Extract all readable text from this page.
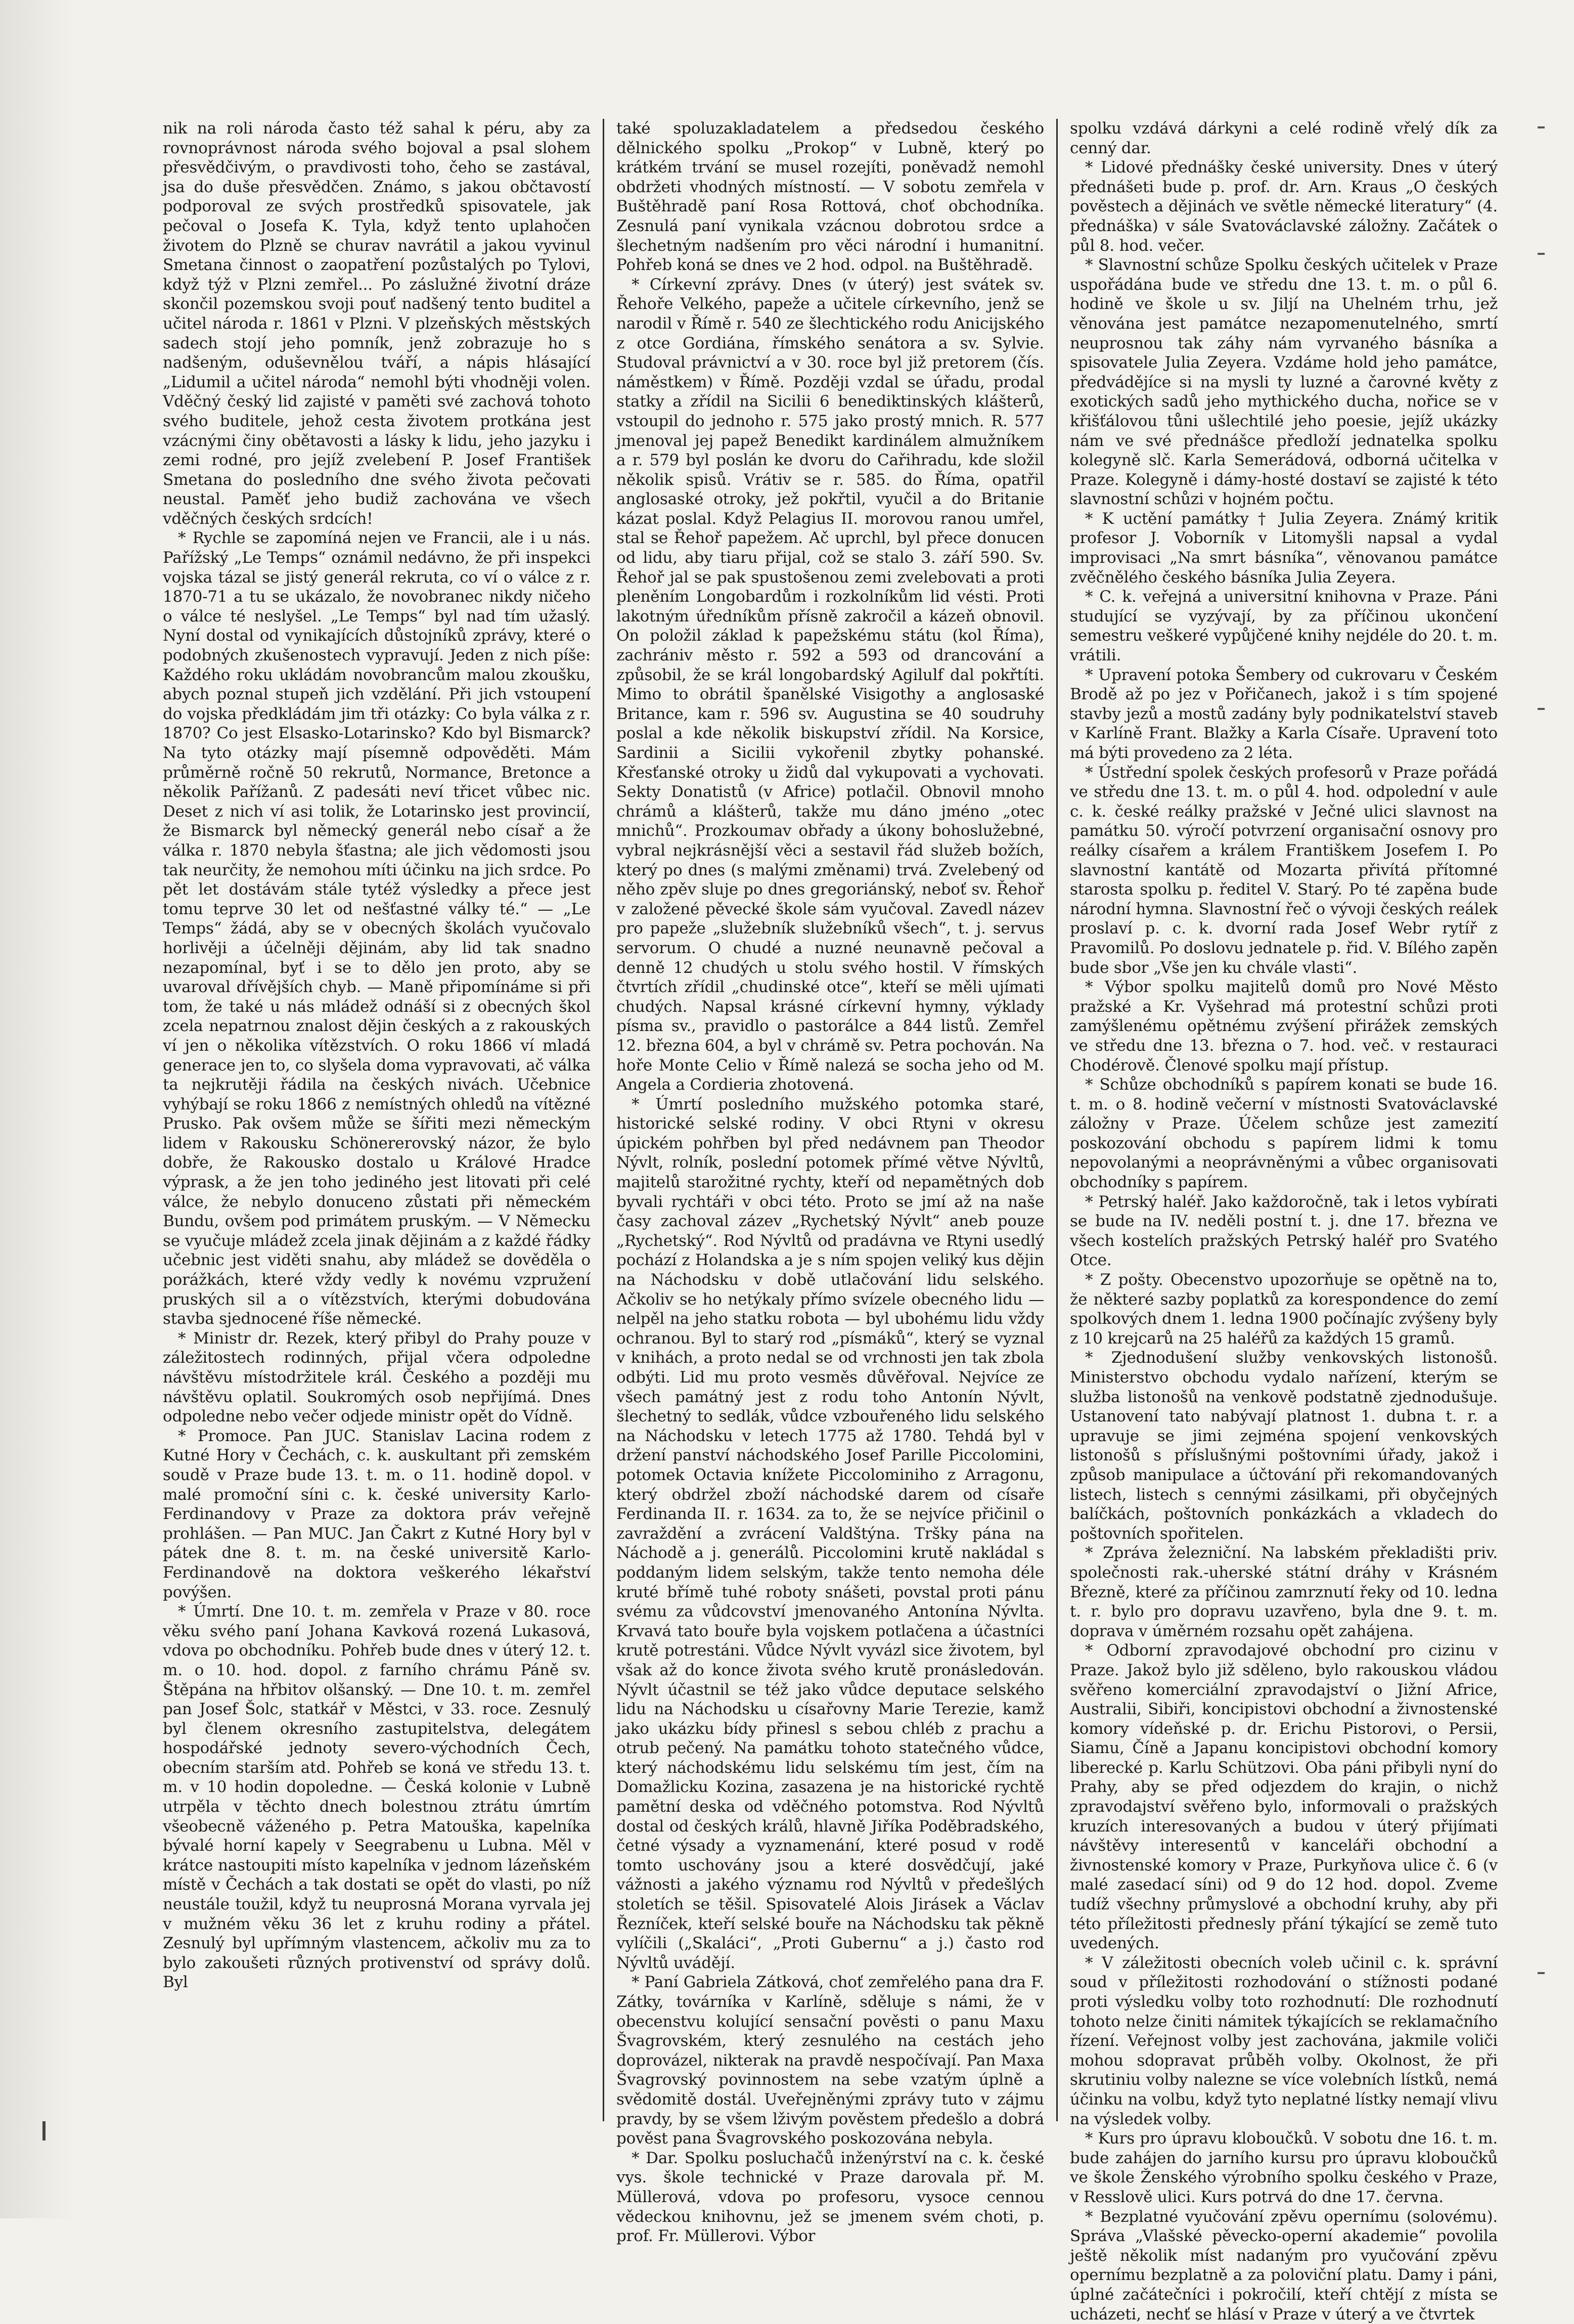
nik na roli národa často též sahal k péru, aby za rovnoprávnost národa svého bojoval a psal slohem přesvědčivým, o pravdivosti toho, čeho se zastával, jsa do duše přesvědčen. Známo, s jakou občtavostí podporoval ze svých prostředků spisovatele, jak pečoval o Josefa K. Tyla, když tento uplahočen životem do Plzně se churav navrátil a jakou vyvinul Smetana činnost o zaopatření pozůstalých po Tylovi, když týž v Plzni zemřel... Po záslužné životní dráze skončil pozemskou svoji pouť nadšený tento buditel a učitel národa r. 1861 v Plzni. V plzeňských městských sadech stojí jeho pomník, jenž zobrazuje ho s nadšeným, oduševnělou tváří, a nápis hlásající „Lidumil a učitel národa“ nemohl býti vhodněji volen. Vděčný český lid zajisté v paměti své zachová tohoto svého buditele, jehož cesta životem protkána jest vzácnými činy obětavosti a lásky k lidu, jeho jazyku i zemi rodné, pro jejíž zvelebení P. Josef František Smetana do posledního dne svého života pečovati neustal. Paměť jeho budiž zachována ve všech vděčných českých srdcích!

* Rychle se zapomíná nejen ve Francii, ale i u nás. Pařížský „Le Temps“ oznámil nedávno, že při inspekci vojska tázal se jistý generál rekruta, co ví o válce z r. 1870-71 a tu se ukázalo, že novobranec nikdy ničeho o válce té neslyšel. „Le Temps“ byl nad tím užaslý. Nyní dostal od vynikajících důstojníků zprávy, které o podobných zkušenostech vypravují. Jeden z nich píše: Každého roku ukládám novobrancům malou zkoušku, abych poznal stupeň jich vzdělání. Při jich vstoupení do vojska předkládám jim tři otázky: Co byla válka z r. 1870? Co jest Elsasko-Lotarinsko? Kdo byl Bismarck? Na tyto otázky mají písemně odpověděti. Mám průměrně ročně 50 rekrutů, Normance, Bretonce a několik Pařížanů. Z padesáti neví třicet vůbec nic. Deset z nich ví asi tolik, že Lotarinsko jest provincií, že Bismarck byl německý generál nebo císař a že válka r. 1870 nebyla šťastna; ale jich vědomosti jsou tak neurčity, že nemohou míti účinku na jich srdce. Po pět let dostávám stále tytéž výsledky a přece jest tomu teprve 30 let od nešťastné války té.“ — „Le Temps“ žádá, aby se v obecných školách vyučovalo horlivěji a účelněji dějinám, aby lid tak snadno nezapomínal, byť i se to dělo jen proto, aby se uvaroval dřívějších chyb. — Maně připomínáme si při tom, že také u nás mládež odnáší si z obecných škol zcela nepatrnou znalost dějin českých a z rakouských ví jen o několika vítězstvích. O roku 1866 ví mladá generace jen to, co slyšela doma vypravovati, ač válka ta nejkrutěji řádila na českých nivách. Učebnice vyhýbají se roku 1866 z nemístných ohledů na vítězné Prusko. Pak ovšem může se šířiti mezi německým lidem v Rakousku Schönererovský názor, že bylo dobře, že Rakousko dostalo u Králové Hradce výprask, a že jen toho jediného jest litovati při celé válce, že nebylo donuceno zůstati při německém Bundu, ovšem pod primátem pruským. — V Německu se vyučuje mládež zcela jinak dějinám a z každé řádky učebnic jest viděti snahu, aby mládež se dověděla o porážkách, které vždy vedly k novému vzpružení pruských sil a o vítězstvích, kterými dobudována stavba sjednocené říše německé.

* Ministr dr. Rezek, který přibyl do Prahy pouze v záležitostech rodinných, přijal včera odpoledne návštěvu místodržitele král. Českého a později mu návštěvu oplatil. Soukromých osob nepřijímá. Dnes odpoledne nebo večer odjede ministr opět do Vídně.

* Promoce. Pan JUC. Stanislav Lacina rodem z Kutné Hory v Čechách, c. k. auskultant při zemském soudě v Praze bude 13. t. m. o 11. hodině dopol. v malé promoční síni c. k. české university Karlo-Ferdinandovy v Praze za doktora práv veřejně prohlášen. — Pan MUC. Jan Čakrt z Kutné Hory byl v pátek dne 8. t. m. na české universitě Karlo-Ferdinandově na doktora veškerého lékařství povýšen.

* Úmrtí. Dne 10. t. m. zemřela v Praze v 80. roce věku svého paní Johana Kavková rozená Lukasová, vdova po obchodníku. Pohřeb bude dnes v úterý 12. t. m. o 10. hod. dopol. z farního chrámu Páně sv. Štěpána na hřbitov olšanský. — Dne 10. t. m. zemřel pan Josef Šolc, statkář v Městci, v 33. roce. Zesnulý byl členem okresního zastupitelstva, delegátem hospodářské jednoty severo-východních Čech, obecním starším atd. Pohřeb se koná ve středu 13. t. m. v 10 hodin dopoledne. — Česká kolonie v Lubně utrpěla v těchto dnech bolestnou ztrátu úmrtím všeobecně váženého p. Petra Matouška, kapelníka bývalé horní kapely v Seegrabenu u Lubna. Měl v krátce nastoupiti místo kapelníka v jednom lázeňském místě v Čechách a tak dostati se opět do vlasti, po níž neustále toužil, když tu neuprosná Morana vyrvala jej v mužném věku 36 let z kruhu rodiny a přátel. Zesnulý byl upřímným vlastencem, ačkoliv mu za to bylo zakoušeti různých protivenství od správy dolů. Byl

také spoluzakladatelem a předsedou českého dělnického spolku „Prokop“ v Lubně, který po krátkém trvání se musel rozejíti, poněvadž nemohl obdržeti vhodných místností. — V sobotu zemřela v Buštěhradě paní Rosa Rottová, choť obchodníka. Zesnulá paní vynikala vzácnou dobrotou srdce a šlechetným nadšením pro věci národní i humanitní. Pohřeb koná se dnes ve 2 hod. odpol. na Buštěhradě.

* Církevní zprávy. Dnes (v úterý) jest svátek sv. Řehoře Velkého, papeže a učitele církevního, jenž se narodil v Římě r. 540 ze šlechtického rodu Anicijského z otce Gordiána, římského senátora a sv. Sylvie. Studoval právnictví a v 30. roce byl již pretorem (čís. náměstkem) v Římě. Později vzdal se úřadu, prodal statky a zřídil na Sicilii 6 benediktinských klášterů, vstoupil do jednoho r. 575 jako prostý mnich. R. 577 jmenoval jej papež Benedikt kardinálem almužníkem a r. 579 byl poslán ke dvoru do Cařihradu, kde složil několik spisů. Vrátiv se r. 585. do Říma, opatřil anglosaské otroky, jež pokřtil, vyučil a do Britanie kázat poslal. Když Pelagius II. morovou ranou umřel, stal se Řehoř papežem. Ač uprchl, byl přece donucen od lidu, aby tiaru přijal, což se stalo 3. září 590. Sv. Řehoř jal se pak spustošenou zemi zvelebovati a proti pleněním Longobardům i rozkolníkům lid vésti. Proti lakotným úředníkům přísně zakročil a kázeň obnovil. On položil základ k papežskému státu (kol Říma), zachrániv město r. 592 a 593 od drancování a způsobil, že se král longobardský Agilulf dal pokřtíti. Mimo to obrátil španělské Visigothy a anglosaské Britance, kam r. 596 sv. Augustina se 40 soudruhy poslal a kde několik biskupství zřídil. Na Korsice, Sardinii a Sicilii vykořenil zbytky pohanské. Křesťanské otroky u židů dal vykupovati a vychovati. Sekty Donatistů (v Africe) potlačil. Obnovil mnoho chrámů a klášterů, takže mu dáno jméno „otec mnichů“. Prozkoumav obřady a úkony bohoslužebné, vybral nejkrásnější věci a sestavil řád služeb božích, který po dnes (s malými změnami) trvá. Zvelebený od něho zpěv sluje po dnes gregoriánský, neboť sv. Řehoř v založené pěvecké škole sám vyučoval. Zavedl název pro papeže „služebník služebníků všech“, t. j. servus servorum. O chudé a nuzné neunavně pečoval a denně 12 chudých u stolu svého hostil. V římských čtvrtích zřídil „chudinské otce“, kteří se měli ujímati chudých. Napsal krásné církevní hymny, výklady písma sv., pravidlo o pastorálce a 844 listů. Zemřel 12. března 604, a byl v chrámě sv. Petra pochován. Na hoře Monte Celio v Římě nalezá se socha jeho od M. Angela a Cordieria zhotovená.

* Úmrtí posledního mužského potomka staré, historické selské rodiny. V obci Rtyni v okresu úpickém pohřben byl před nedávnem pan Theodor Nývlt, rolník, poslední potomek přímé větve Nývltů, majitelů starožitné rychty, kteří od nepamětných dob byvali rychtáři v obci této. Proto se jmí až na naše časy zachoval zázev „Rychetský Nývlt“ aneb pouze „Rychetský“. Rod Nývltů od pradávna ve Rtyni usedlý pochází z Holandska a je s ním spojen veliký kus dějin na Náchodsku v době utlačování lidu selského. Ačkoliv se ho netýkaly přímo svízele obecného lidu — nelpěl na jeho statku robota — byl ubohému lidu vždy ochranou. Byl to starý rod „písmáků“, který se vyznal v knihách, a proto nedal se od vrchnosti jen tak zbola odbýti. Lid mu proto vesměs důvěřoval. Nejvíce ze všech památný jest z rodu toho Antonín Nývlt, šlechetný to sedlák, vůdce vzbouřeného lidu selského na Náchodsku v letech 1775 až 1780. Tehdá byl v držení panství náchodského Josef Parille Piccolomini, potomek Octavia knížete Piccolominiho z Arragonu, který obdržel zboží náchodské darem od císaře Ferdinanda II. r. 1634. za to, že se nejvíce přičinil o zavraždění a zvrácení Valdštýna. Tršky pána na Náchodě a j. generálů. Piccolomini krutě nakládal s poddaným lidem selským, takže tento nemoha déle kruté břímě tuhé roboty snášeti, povstal proti pánu svému za vůdcovství jmenovaného Antonína Nývlta. Krvavá tato bouře byla vojskem potlačena a účastníci krutě potrestáni. Vůdce Nývlt vyvázl sice životem, byl však až do konce života svého krutě pronásledován. Nývlt účastnil se též jako vůdce deputace selského lidu na Náchodsku u císařovny Marie Terezie, kamž jako ukázku bídy přinesl s sebou chléb z prachu a otrub pečený. Na památku tohoto statečného vůdce, který náchodskému lidu selskému tím jest, čím na Domažlicku Kozina, zasazena je na historické rychtě pamětní deska od vděčného potomstva. Rod Nývltů dostal od českých králů, hlavně Jiříka Poděbradského, četné výsady a vyznamenání, které posud v rodě tomto uschovány jsou a které dosvědčují, jaké vážnosti a jakého významu rod Nývltů v předešlých stoletích se těšil. Spisovatelé Alois Jirásek a Václav Řezníček, kteří selské bouře na Náchodsku tak pěkně vylíčili („Skaláci“, „Proti Gubernu“ a j.) často rod Nývltů uvádějí.

* Paní Gabriela Zátková, choť zemřelého pana dra F. Zátky, továrníka v Karlíně, sděluje s námi, že v obecenstvu kolující sensační pověsti o panu Maxu Švagrovském, který zesnulého na cestách jeho doprovázel, nikterak na pravdě nespočívají. Pan Maxa Švagrovský povinnostem na sebe vzatým úplně a svědomitě dostál. Uveřejněnými zprávy tuto v zájmu pravdy, by se všem lživým pověstem předešlo a dobrá pověst pana Švagrovského poskozována nebyla.

* Dar. Spolku posluchačů inženýrství na c. k. české vys. škole technické v Praze darovala př. M. Müllerová, vdova po profesoru, vysoce cennou vědeckou knihovnu, jež se jmenem svém choti, p. prof. Fr. Müllerovi. Výbor

spolku vzdává dárkyni a celé rodině vřelý dík za cenný dar.

* Lidové přednášky české university. Dnes v úterý přednášeti bude p. prof. dr. Arn. Kraus „O českých pověstech a dějinách ve světle německé literatury“ (4. přednáška) v sále Svatováclavské záložny. Začátek o půl 8. hod. večer.

* Slavnostní schůze Spolku českých učitelek v Praze uspořádána bude ve středu dne 13. t. m. o půl 6. hodině ve škole u sv. Jiljí na Uhelném trhu, jež věnována jest památce nezapomenutelného, smrtí neuprosnou tak záhy nám vyrvaného básníka a spisovatele Julia Zeyera. Vzdáme hold jeho památce, předvádějíce si na mysli ty luzné a čarovné květy z exotických sadů jeho mythického ducha, nořice se v křišťálovou tůni ušlechtilé jeho poesie, jejíž ukázky nám ve své přednášce předloží jednatelka spolku kolegyně slč. Karla Semerádová, odborná učitelka v Praze. Kolegyně i dámy-hosté dostaví se zajisté k této slavnostní schůzi v hojném počtu.

* K uctění památky † Julia Zeyera. Známý kritik profesor J. Voborník v Litomyšli napsal a vydal improvisaci „Na smrt básníka“, věnovanou památce zvěčnělého českého básníka Julia Zeyera.

* C. k. veřejná a universitní knihovna v Praze. Páni studující se vyzývají, by za příčinou ukončení semestru veškeré vypůjčené knihy nejdéle do 20. t. m. vrátili.

* Upravení potoka Šembery od cukrovaru v Českém Brodě až po jez v Pořičanech, jakož i s tím spojené stavby jezů a mostů zadány byly podnikatelství staveb v Karlíně Frant. Blažky a Karla Císaře. Upravení toto má býti provedeno za 2 léta.

* Ústřední spolek českých profesorů v Praze pořádá ve středu dne 13. t. m. o půl 4. hod. odpolední v aule c. k. české reálky pražské v Ječné ulici slavnost na památku 50. výročí potvrzení organisační osnovy pro reálky císařem a králem Františkem Josefem I. Po slavnostní kantátě od Mozarta přivítá přítomné starosta spolku p. ředitel V. Starý. Po té zapěna bude národní hymna. Slavnostní řeč o vývoji českých reálek proslaví p. c. k. dvorní rada Josef Webr rytíř z Pravomilů. Po doslovu jednatele p. řid. V. Bílého zapěn bude sbor „Vše jen ku chvále vlasti“.

* Výbor spolku majitelů domů pro Nové Město pražské a Kr. Vyšehrad má protestní schůzi proti zamýšlenému opětnému zvýšení přirážek zemských ve středu dne 13. března o 7. hod. več. v restauraci Chodérově. Členové spolku mají přístup.

* Schůze obchodníků s papírem konati se bude 16. t. m. o 8. hodině večerní v místnosti Svatováclavské záložny v Praze. Účelem schůze jest zamezití poskozování obchodu s papírem lidmi k tomu nepovolanými a neoprávněnými a vůbec organisovati obchodníky s papírem.

* Petrský haléř. Jako každoročně, tak i letos vybírati se bude na IV. neděli postní t. j. dne 17. března ve všech kostelích pražských Petrský haléř pro Svatého Otce.

* Z pošty. Obecenstvo upozorňuje se opětně na to, že některé sazby poplatků za korespondence do zemí spolkových dnem 1. ledna 1900 počínajíc zvýšeny byly z 10 krejcarů na 25 haléřů za každých 15 gramů.

* Zjednodušení služby venkovských listonošů. Ministerstvo obchodu vydalo nařízení, kterým se služba listonošů na venkově podstatně zjednodušuje. Ustanovení tato nabývají platnost 1. dubna t. r. a upravuje se jimi zejména spojení venkovských listonošů s příslušnými poštovními úřady, jakož i způsob manipulace a účtování při rekomandovaných listech, listech s cennými zásilkami, při obyčejných balíčkách, poštovních ponkázkách a vkladech do poštovních spořitelen.

* Zpráva železniční. Na labském překladišti priv. společnosti rak.-uherské státní dráhy v Krásném Březně, které za příčinou zamrznutí řeky od 10. ledna t. r. bylo pro dopravu uzavřeno, byla dne 9. t. m. doprava v úměrném rozsahu opět zahájena.

* Odborní zpravodajové obchodní pro cizinu v Praze. Jakož bylo již sděleno, bylo rakouskou vládou svěřeno komerciální zpravodajství o Jižní Africe, Australii, Sibiři, koncipistovi obchodní a živnostenské komory vídeňské p. dr. Erichu Pistorovi, o Persii, Siamu, Číně a Japanu koncipistovi obchodní komory liberecké p. Karlu Schützovi. Oba páni přibyli nyní do Prahy, aby se před odjezdem do krajin, o nichž zpravodajství svěřeno bylo, informovali o pražských kruzích interesovaných a budou v úterý přijímati návštěvy interesentů v kanceláři obchodní a živnostenské komory v Praze, Purkyňova ulice č. 6 (v malé zasedací síni) od 9 do 12 hod. dopol. Zveme tudíž všechny průmyslové a obchodní kruhy, aby při této příležitosti přednesly přání týkající se země tuto uvedených.

* V záležitosti obecních voleb učinil c. k. správní soud v příležitosti rozhodování o stížnosti podané proti výsledku volby toto rozhodnutí: Dle rozhodnutí tohoto nelze činiti námitek týkajících se reklamačního řízení. Veřejnost volby jest zachována, jakmile voliči mohou sdopravat průběh volby. Okolnost, že při skrutiniu volby nalezne se více volebních lístků, nemá účinku na volbu, když tyto neplatné lístky nemají vlivu na výsledek volby.

* Kurs pro úpravu kloboučků. V sobotu dne 16. t. m. bude zahájen do jarního kursu pro úpravu kloboučků ve škole Ženského výrobního spolku českého v Praze, v Resslově ulici. Kurs potrvá do dne 17. června.

* Bezplatné vyučování zpěvu opernímu (solovému). Správa „Vlašské pěvecko-operní akademie“ povolila ještě několik míst nadaným pro vyučování zpěvu opernímu bezplatně a za poloviční platu. Damy i páni, úplné začátečníci i pokročilí, kteří chtějí z místa se ucházeti, nechť se hlásí v Praze v úterý a ve čtvrtek
